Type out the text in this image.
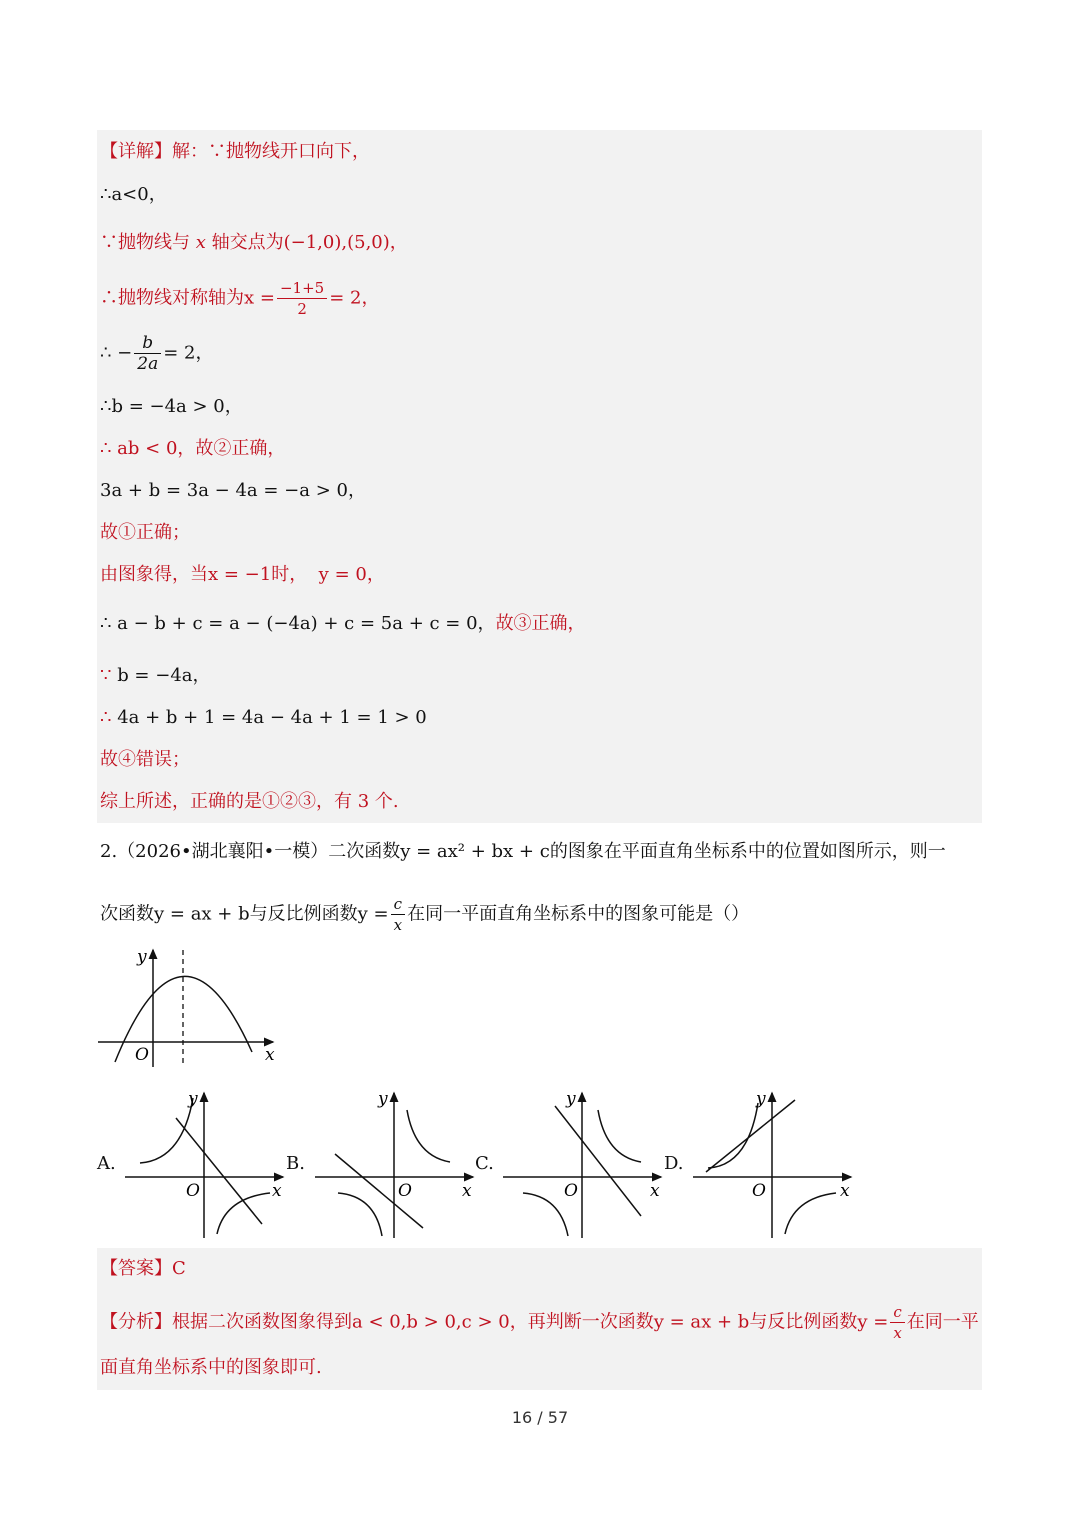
【详解】解：∵抛物线开口向下，
∴a<0，
∵抛物线与 x 轴交点为(−1,0),(5,0)，
∴抛物线对称轴为$x = \frac{-1+5}{2} = 2$，
∴ − $\frac{b}{2a} = 2$，
∴b = −4a > 0，
∴ ab < 0，故②正确，
3a + b = 3a − 4a = −a > 0，
故①正确；
由图象得，当x = −1时， y = 0，
∴ a − b + c = a − (−4a) + c = 5a + c = 0，故③正确，
∵ b = −4a，
∴ 4a + b + 1 = 4a − 4a + 1 = 1 > 0
故④错误；
综上所述，正确的是①②③，有 3 个.
2.（2026•湖北襄阳•一模）二次函数y = ax² + bx + c的图象在平面直角坐标系中的位置如图所示，则一
次函数y = ax + b与反比例函数$y = \frac{c}{x}$ 在同一平面直角坐标系中的图象可能是（）
y
x
O
A.
y
x
O
B.
y
x
O
C.
y
x
O
D.
y
x
O
【答案】C
【分析】根据二次函数图象得到a < 0,b > 0,c > 0，再判断一次函数y = ax + b与反比例函数$y = \frac{c}{x}$ 在同一平
面直角坐标系中的图象即可.
16 / 57
